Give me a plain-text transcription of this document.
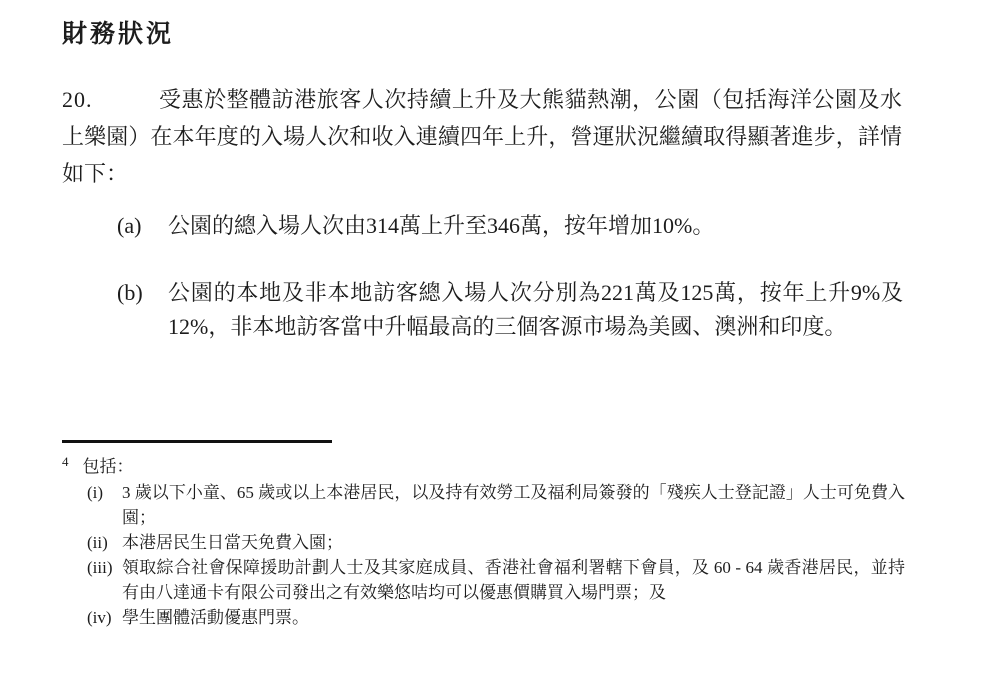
財務狀況
20.	受惠於整體訪港旅客人次持續上升及大熊貓熱潮，公園（包括海洋公園及水上樂園）在本年度的入場人次和收入連續四年上升，營運狀況繼續取得顯著進步，詳情如下：
(a)	公園的總入場人次由314萬上升至346萬，按年增加10%。
(b)	公園的本地及非本地訪客總入場人次分別為221萬及125萬，按年上升9%及12%，非本地訪客當中升幅最高的三個客源市場為美國、澳洲和印度。
$^4$ 包括：
(i)	3 歲以下小童、65 歲或以上本港居民，以及持有效勞工及福利局簽發的「殘疾人士登記證」人士可免費入園；
(ii) 本港居民生日當天免費入園；
(iii) 領取綜合社會保障援助計劃人士及其家庭成員、香港社會福利署轄下會員，及 60 - 64 歲香港居民，並持有由八達通卡有限公司發出之有效樂悠咭均可以優惠價購買入場門票；及
(iv) 學生團體活動優惠門票。
